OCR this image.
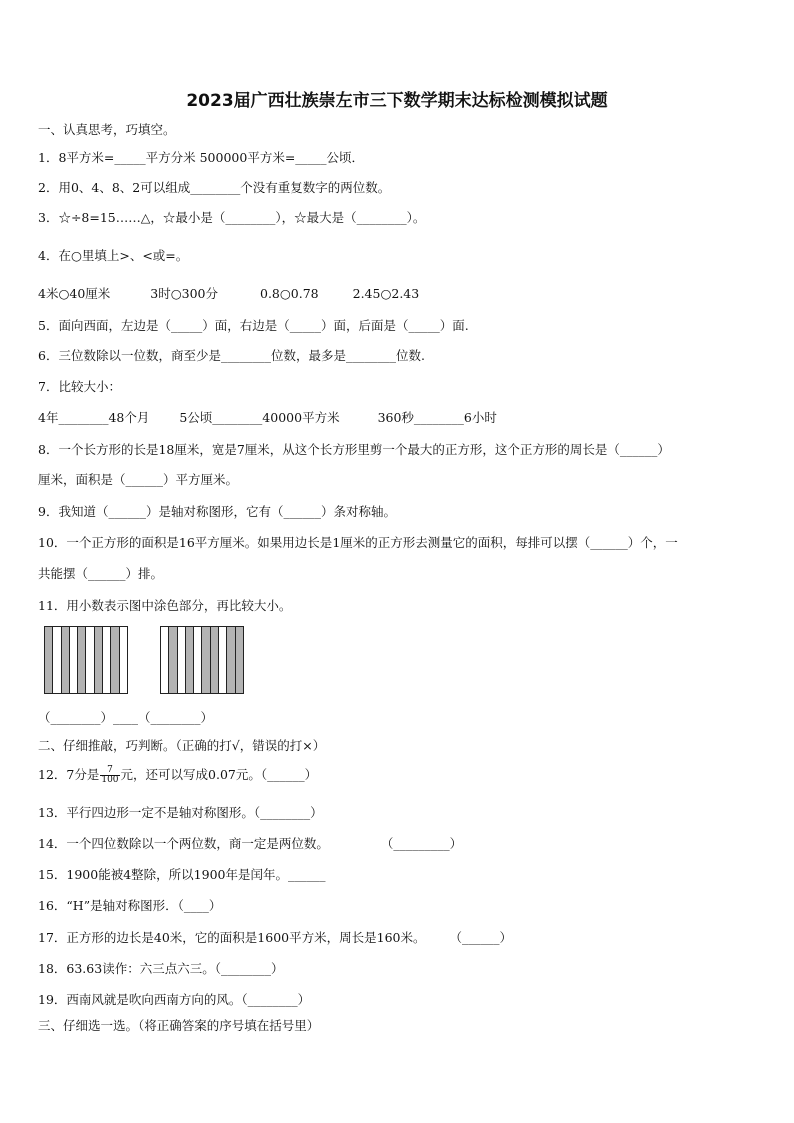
2023届广西壮族崇左市三下数学期末达标检测模拟试题
一、认真思考，巧填空。
1．8平方米=_____平方分米 500000平方米=_____公顷．
2．用0、4、8、2可以组成________个没有重复数字的两位数。
3．☆÷8=15……△，☆最小是（________），☆最大是（________）。
4．在○里填上>、<或=。
4米○40厘米	3时○300分	0.8○0.78	2.45○2.43
5．面向西面，左边是（_____）面，右边是（_____）面，后面是（_____）面.
6．三位数除以一位数，商至少是________位数，最多是________位数.
7．比较大小：
4年________48个月 5公顷________40000平方米	360秒________6小时
8．一个长方形的长是18厘米，宽是7厘米，从这个长方形里剪一个最大的正方形，这个正方形的周长是（______）
厘米，面积是（______）平方厘米。
9．我知道（______）是轴对称图形，它有（______）条对称轴。
10．一个正方形的面积是16平方厘米。如果用边长是1厘米的正方形去测量它的面积，每排可以摆（______）个，一
共能摆（______）排。
11．用小数表示图中涂色部分，再比较大小。
（________）____（________）
二、仔细推敲，巧判断。（正确的打√，错误的打×）
12．7分是 $\frac{7}{100}$ 元，还可以写成0.07元。（______）
13．平行四边形一定不是轴对称图形。（________）
14．一个四位数除以一个两位数，商一定是两位数。	（_________）
15．1900能被4整除，所以1900年是闰年。______
16．“H”是轴对称图形．（____）
17．正方形的边长是40米，它的面积是1600平方米，周长是160米。 （______）
18．63.63读作：六三点六三。（________）
19．西南风就是吹向西南方向的风。（________）
三、仔细选一选。（将正确答案的序号填在括号里）
